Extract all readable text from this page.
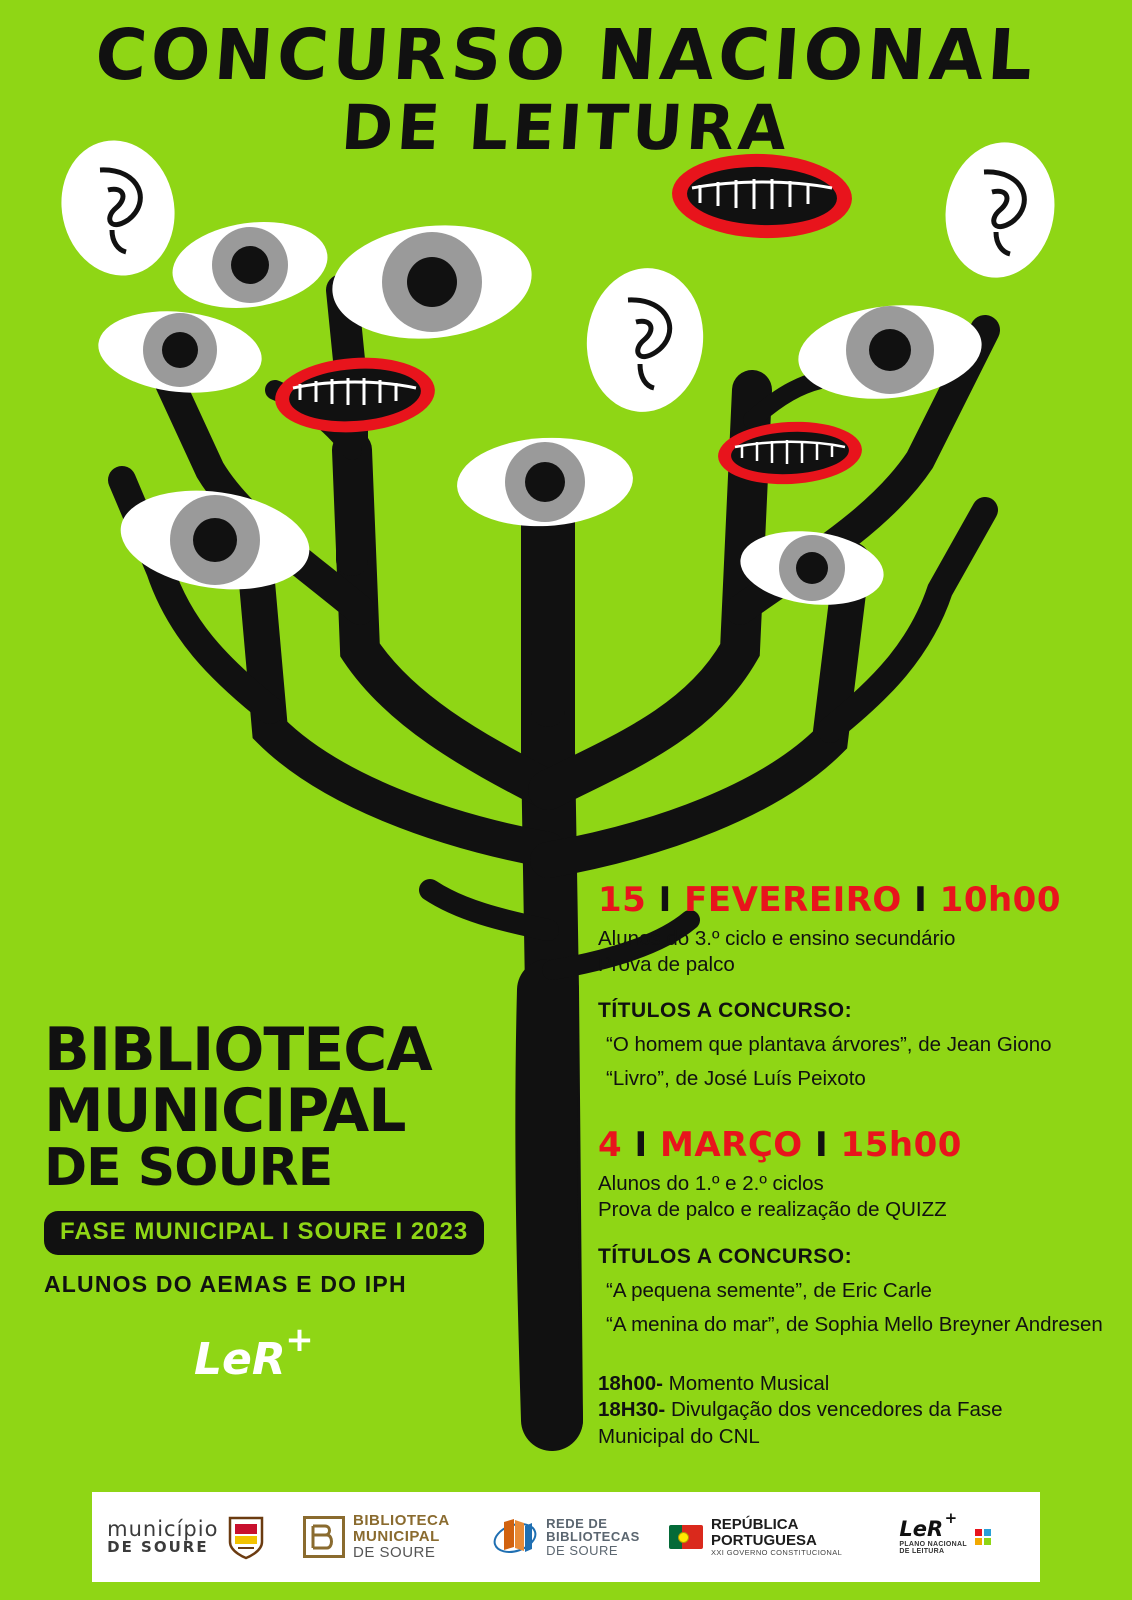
CONCURSO NACIONAL
DE LEITURA
BIBLIOTECA
MUNICIPAL
DE SOURE
FASE MUNICIPAL I SOURE I 2023
ALUNOS DO AEMAS E DO IPH
LeR +
15 I FEVEREIRO I 10h00
Alunos do 3.º ciclo e ensino secundário
Prova de palco
TÍTULOS A CONCURSO:
“O homem que plantava árvores”, de Jean Giono
“Livro”, de José Luís Peixoto
4 I MARÇO I 15h00
Alunos do 1.º e 2.º ciclos
Prova de palco e realização de QUIZZ
TÍTULOS A CONCURSO:
“A pequena semente”, de Eric Carle
“A menina do mar”, de Sophia Mello Breyner Andresen
18h00- Momento Musical
18H30- Divulgação dos vencedores da Fase
Municipal do CNL
município
DE SOURE
BIBLIOTECA
MUNICIPAL
DE SOURE
REDE DE
BIBLIOTECAS
DE SOURE
REPÚBLICA
PORTUGUESA
XXI GOVERNO CONSTITUCIONAL
LeR +
PLANO NACIONAL
DE LEITURA
